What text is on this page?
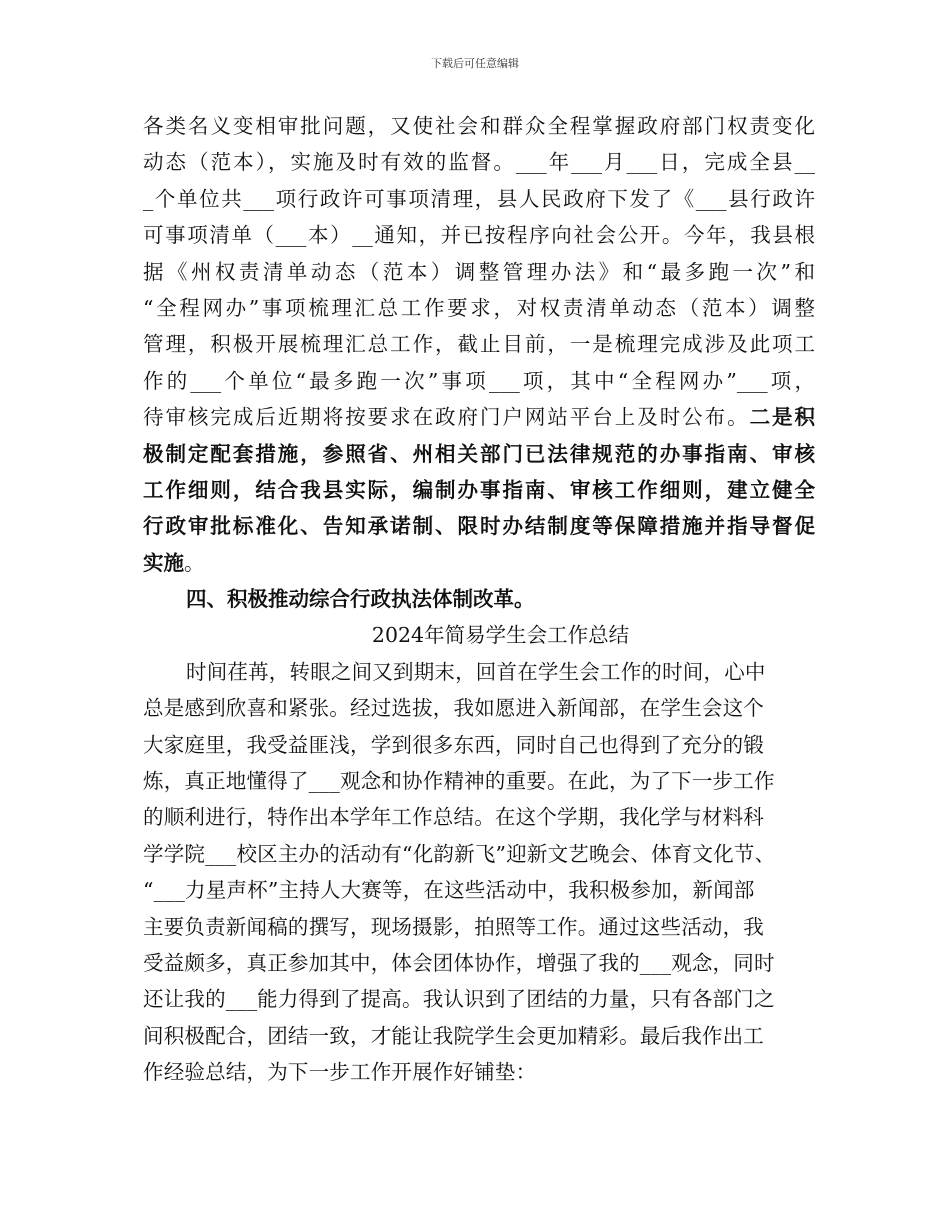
下载后可任意编辑
各类名义变相审批问题，又使社会和群众全程掌握政府部门权责变化
动态（范本），实施及时有效的监督。___年___月___日，完成全县__
_个单位共___项行政许可事项清理，县人民政府下发了《___县行政许
可事项清单（___本）__通知，并已按程序向社会公开。今年，我县根
据《州权责清单动态（范本）调整管理办法》和“最多跑一次”和
“全程网办”事项梳理汇总工作要求，对权责清单动态（范本）调整
管理，积极开展梳理汇总工作，截止目前，一是梳理完成涉及此项工
作的___个单位“最多跑一次”事项___项，其中“全程网办”___项，
待审核完成后近期将按要求在政府门户网站平台上及时公布。二是积
极制定配套措施，参照省、州相关部门已法律规范的办事指南、审核
工作细则，结合我县实际，编制办事指南、审核工作细则，建立健全
行政审批标准化、告知承诺制、限时办结制度等保障措施并指导督促
实施。
四、积极推动综合行政执法体制改革。
2024年简易学生会工作总结
时间荏苒，转眼之间又到期末，回首在学生会工作的时间，心中
总是感到欣喜和紧张。经过选拔，我如愿进入新闻部，在学生会这个
大家庭里，我受益匪浅，学到很多东西，同时自己也得到了充分的锻
炼，真正地懂得了___观念和协作精神的重要。在此，为了下一步工作
的顺利进行，特作出本学年工作总结。在这个学期，我化学与材料科
学学院___校区主办的活动有“化韵新飞”迎新文艺晚会、体育文化节、
“___力星声杯”主持人大赛等，在这些活动中，我积极参加，新闻部
主要负责新闻稿的撰写，现场摄影，拍照等工作。通过这些活动，我
受益颇多，真正参加其中，体会团体协作，增强了我的___观念，同时
还让我的___能力得到了提高。我认识到了团结的力量，只有各部门之
间积极配合，团结一致，才能让我院学生会更加精彩。最后我作出工
作经验总结，为下一步工作开展作好铺垫：
